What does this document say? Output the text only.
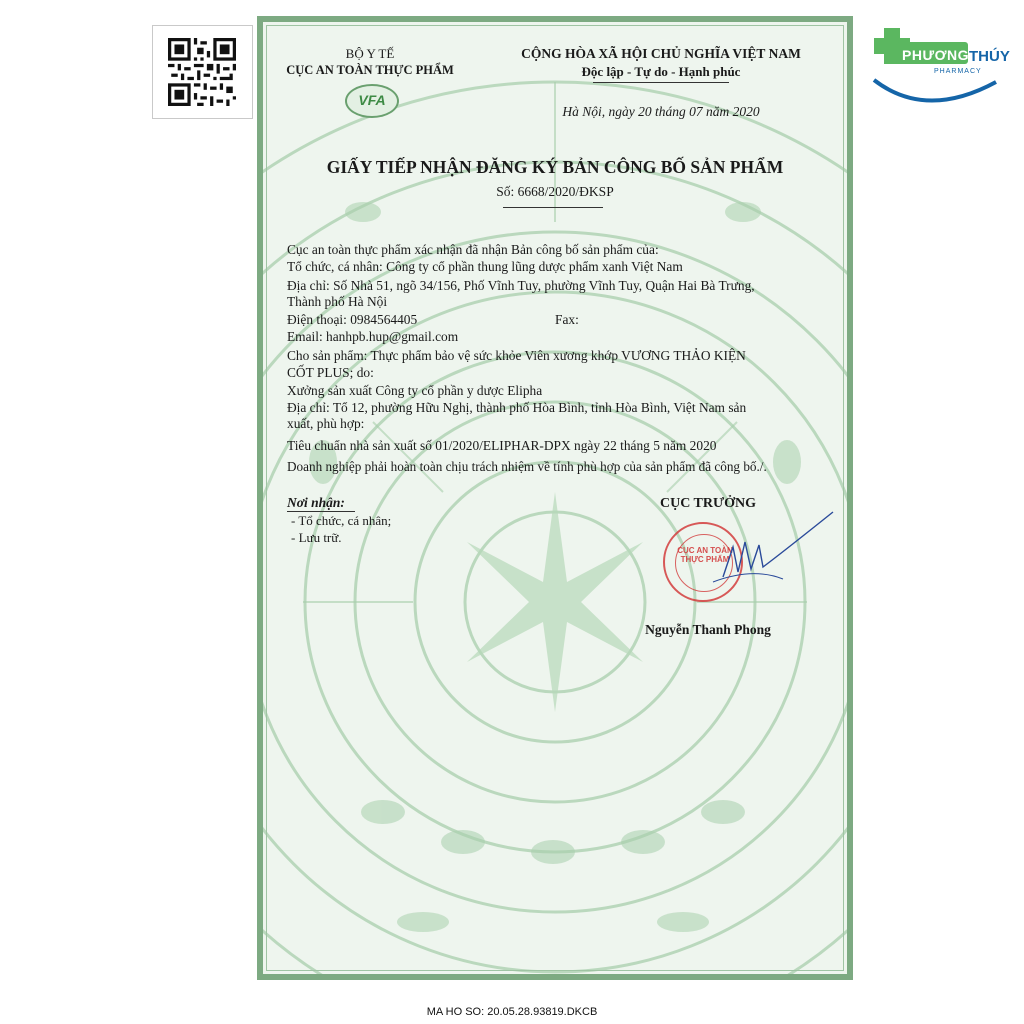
PHƯƠNG THÚY
PHARMACY
BỘ Y TẾ
CỤC AN TOÀN THỰC PHẨM
VFA
CỘNG HÒA XÃ HỘI CHỦ NGHĨA VIỆT NAM
Độc lập - Tự do - Hạnh phúc
Hà Nội, ngày 20 tháng 07 năm 2020
GIẤY TIẾP NHẬN ĐĂNG KÝ BẢN CÔNG BỐ SẢN PHẨM
Số: 6668/2020/ĐKSP
Cục an toàn thực phẩm xác nhận đã nhận Bản công bố sản phẩm của:
Tổ chức, cá nhân: Công ty cổ phần thung lũng dược phẩm xanh Việt Nam
Địa chỉ: Số Nhà 51, ngõ 34/156, Phố Vĩnh Tuy, phường Vĩnh Tuy, Quận Hai Bà Trưng,
Thành phố Hà Nội
Điện thoại: 0984564405	Fax:
Email: hanhpb.hup@gmail.com
Cho sản phẩm: Thực phẩm bảo vệ sức khỏe Viên xương khớp VƯƠNG THẢO KIỆN
CỐT PLUS; do:
Xưởng sản xuất Công ty cổ phần y dược Elipha
Địa chỉ: Tổ 12, phường Hữu Nghị, thành phố Hòa Bình, tỉnh Hòa Bình, Việt Nam sản
xuất, phù hợp:
Tiêu chuẩn nhà sản xuất số 01/2020/ELIPHAR-DPX ngày 22 tháng 5 năm 2020
Doanh nghiệp phải hoàn toàn chịu trách nhiệm về tính phù hợp của sản phẩm đã công bố./.
Nơi nhận:
- Tổ chức, cá nhân;
- Lưu trữ.
CỤC TRƯỞNG
CỤC AN TOÀN THỰC PHẨM
Nguyễn Thanh Phong
MA HO SO: 20.05.28.93819.DKCB
